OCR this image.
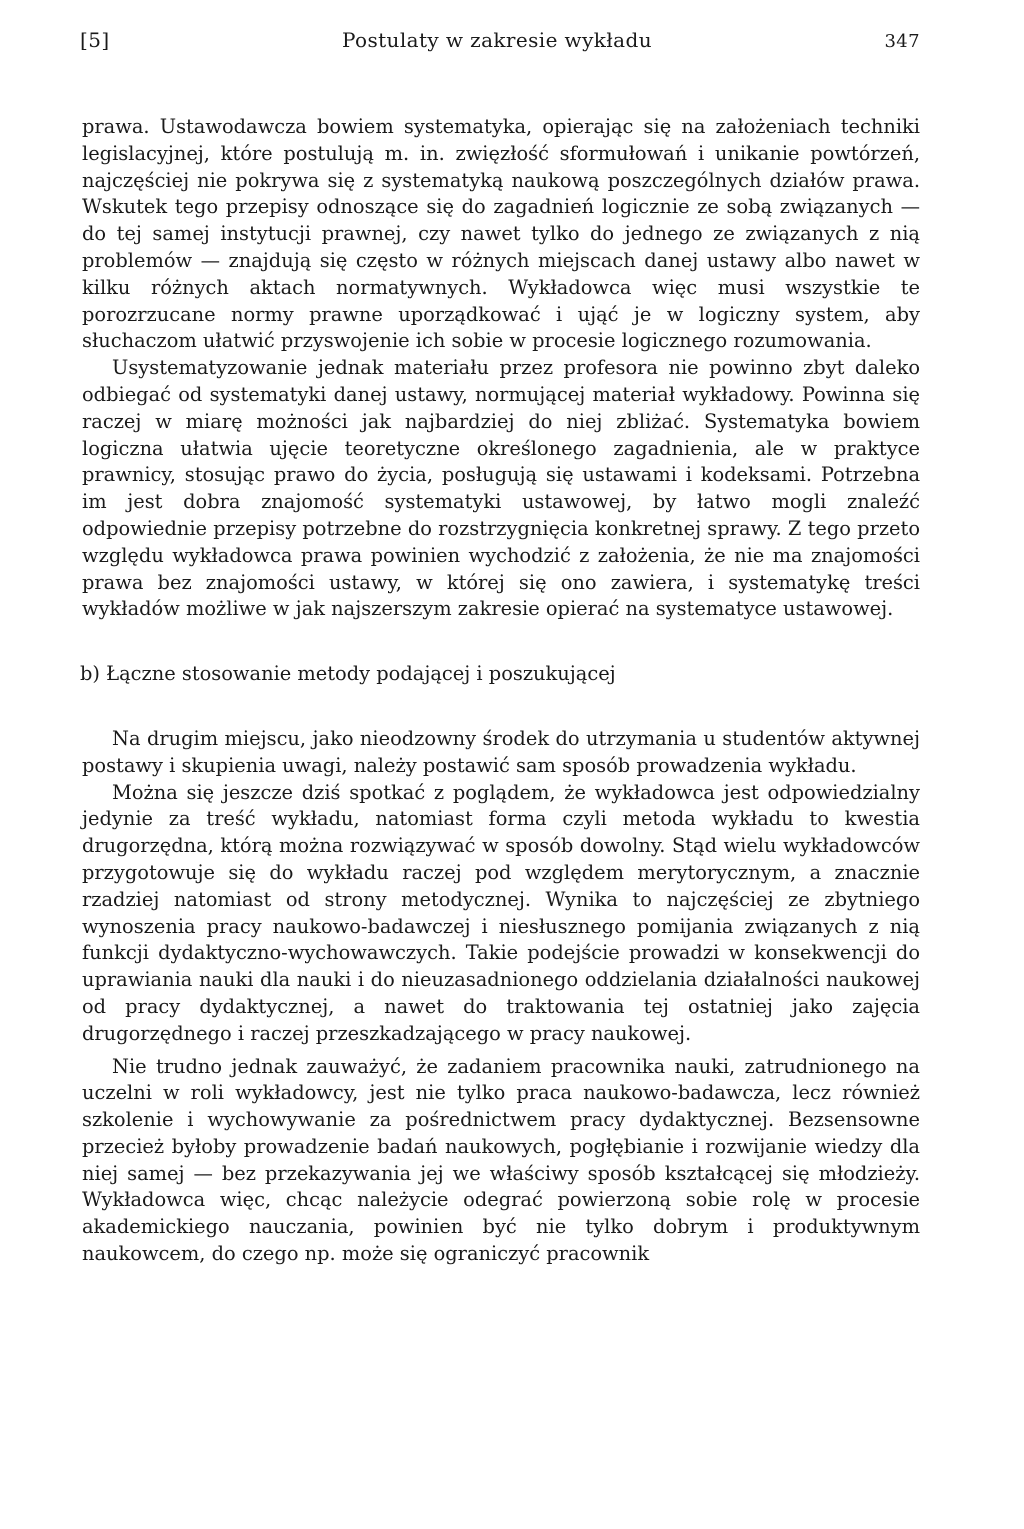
[5]	Postulaty w zakresie wykładu	347

prawa. Ustawodawcza bowiem systematyka, opierając się na założeniach techniki legislacyjnej, które postulują m. in. zwięzłość sformułowań i unikanie powtórzeń, najczęściej nie pokrywa się z systematyką naukową poszczególnych działów prawa. Wskutek tego przepisy odnoszące się do zagadnień logicznie ze sobą związanych — do tej samej instytucji prawnej, czy nawet tylko do jednego ze związanych z nią problemów — znajdują się często w różnych miejscach danej ustawy albo nawet w kilku różnych aktach normatywnych. Wykładowca więc musi wszystkie te porozrzucane normy prawne uporządkować i ująć je w logiczny system, aby słuchaczom ułatwić przyswojenie ich sobie w procesie logicznego rozumowania.

Usystematyzowanie jednak materiału przez profesora nie powinno zbyt daleko odbiegać od systematyki danej ustawy, normującej materiał wykładowy. Powinna się raczej w miarę możności jak najbardziej do niej zbliżać. Systematyka bowiem logiczna ułatwia ujęcie teoretyczne określonego zagadnienia, ale w praktyce prawnicy, stosując prawo do życia, posługują się ustawami i kodeksami. Potrzebna im jest dobra znajomość systematyki ustawowej, by łatwo mogli znaleźć odpowiednie przepisy potrzebne do rozstrzygnięcia konkretnej sprawy. Z tego przeto względu wykładowca prawa powinien wychodzić z założenia, że nie ma znajomości prawa bez znajomości ustawy, w której się ono zawiera, i systematykę treści wykładów możliwe w jak najszerszym zakresie opierać na systematyce ustawowej.

b) Łączne stosowanie metody podającej i poszukującej

Na drugim miejscu, jako nieodzowny środek do utrzymania u studentów aktywnej postawy i skupienia uwagi, należy postawić sam sposób prowadzenia wykładu.

Można się jeszcze dziś spotkać z poglądem, że wykładowca jest odpowiedzialny jedynie za treść wykładu, natomiast forma czyli metoda wykładu to kwestia drugorzędna, którą można rozwiązywać w sposób dowolny. Stąd wielu wykładowców przygotowuje się do wykładu raczej pod względem merytorycznym, a znacznie rzadziej natomiast od strony metodycznej. Wynika to najczęściej ze zbytniego wynoszenia pracy naukowo-badawczej i niesłusznego pomijania związanych z nią funkcji dydaktyczno-wychowawczych. Takie podejście prowadzi w konsekwencji do uprawiania nauki dla nauki i do nieuzasadnionego oddzielania działalności naukowej od pracy dydaktycznej, a nawet do traktowania tej ostatniej jako zajęcia drugorzędnego i raczej przeszkadzającego w pracy naukowej.

Nie trudno jednak zauważyć, że zadaniem pracownika nauki, zatrudnionego na uczelni w roli wykładowcy, jest nie tylko praca naukowo-badawcza, lecz również szkolenie i wychowywanie za pośrednictwem pracy dydaktycznej. Bezsensowne przecież byłoby prowadzenie badań naukowych, pogłębianie i rozwijanie wiedzy dla niej samej — bez przekazywania jej we właściwy sposób kształcącej się młodzieży. Wykładowca więc, chcąc należycie odegrać powierzoną sobie rolę w procesie akademickiego nauczania, powinien być nie tylko dobrym i produktywnym naukowcem, do czego np. może się ograniczyć pracownik
